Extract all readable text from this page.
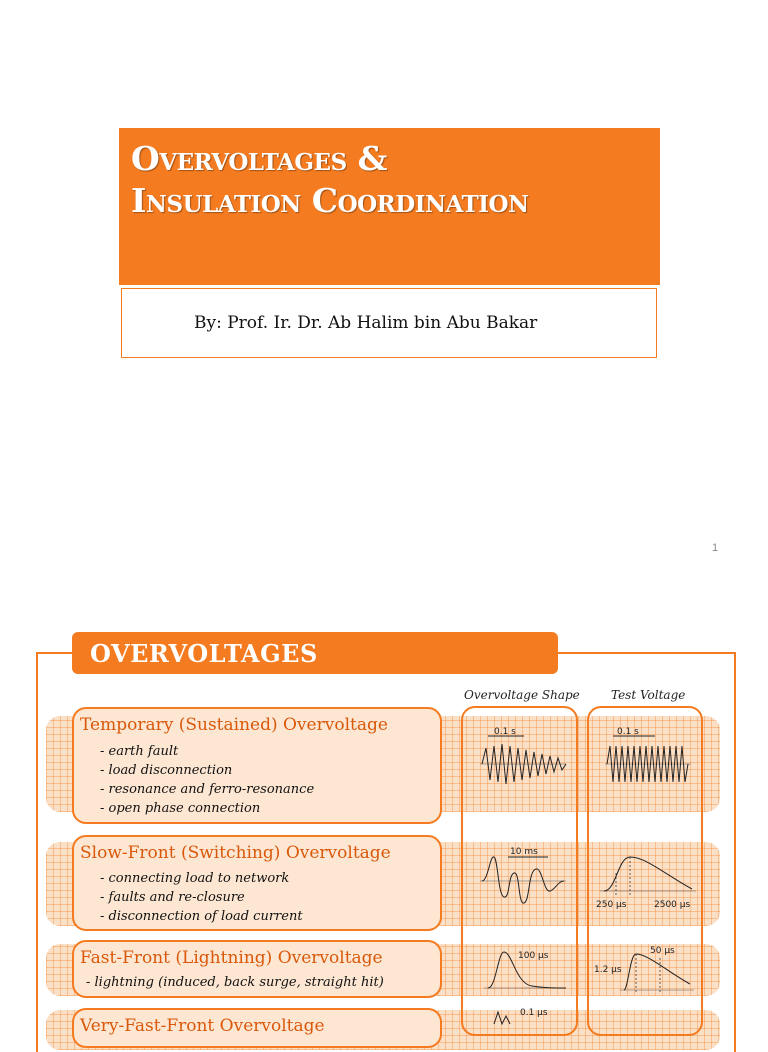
Overvoltages &
Insulation Coordination
By: Prof. Ir. Dr. Ab Halim bin Abu Bakar
1
OVERVOLTAGES
Overvoltage Shape	Test Voltage
Temporary (Sustained) Overvoltage
- earth fault
- load disconnection
- resonance and ferro-resonance
- open phase connection
Slow-Front (Switching) Overvoltage
- connecting load to network
- faults and re-closure
- disconnection of load current
Fast-Front (Lightning) Overvoltage
- lightning (induced, back surge, straight hit)
Very-Fast-Front Overvoltage
0.1 s	0.1 s
10 ms
250 µs	2500 µs
100 µs	50 µs
1.2 µs
0.1 µs
